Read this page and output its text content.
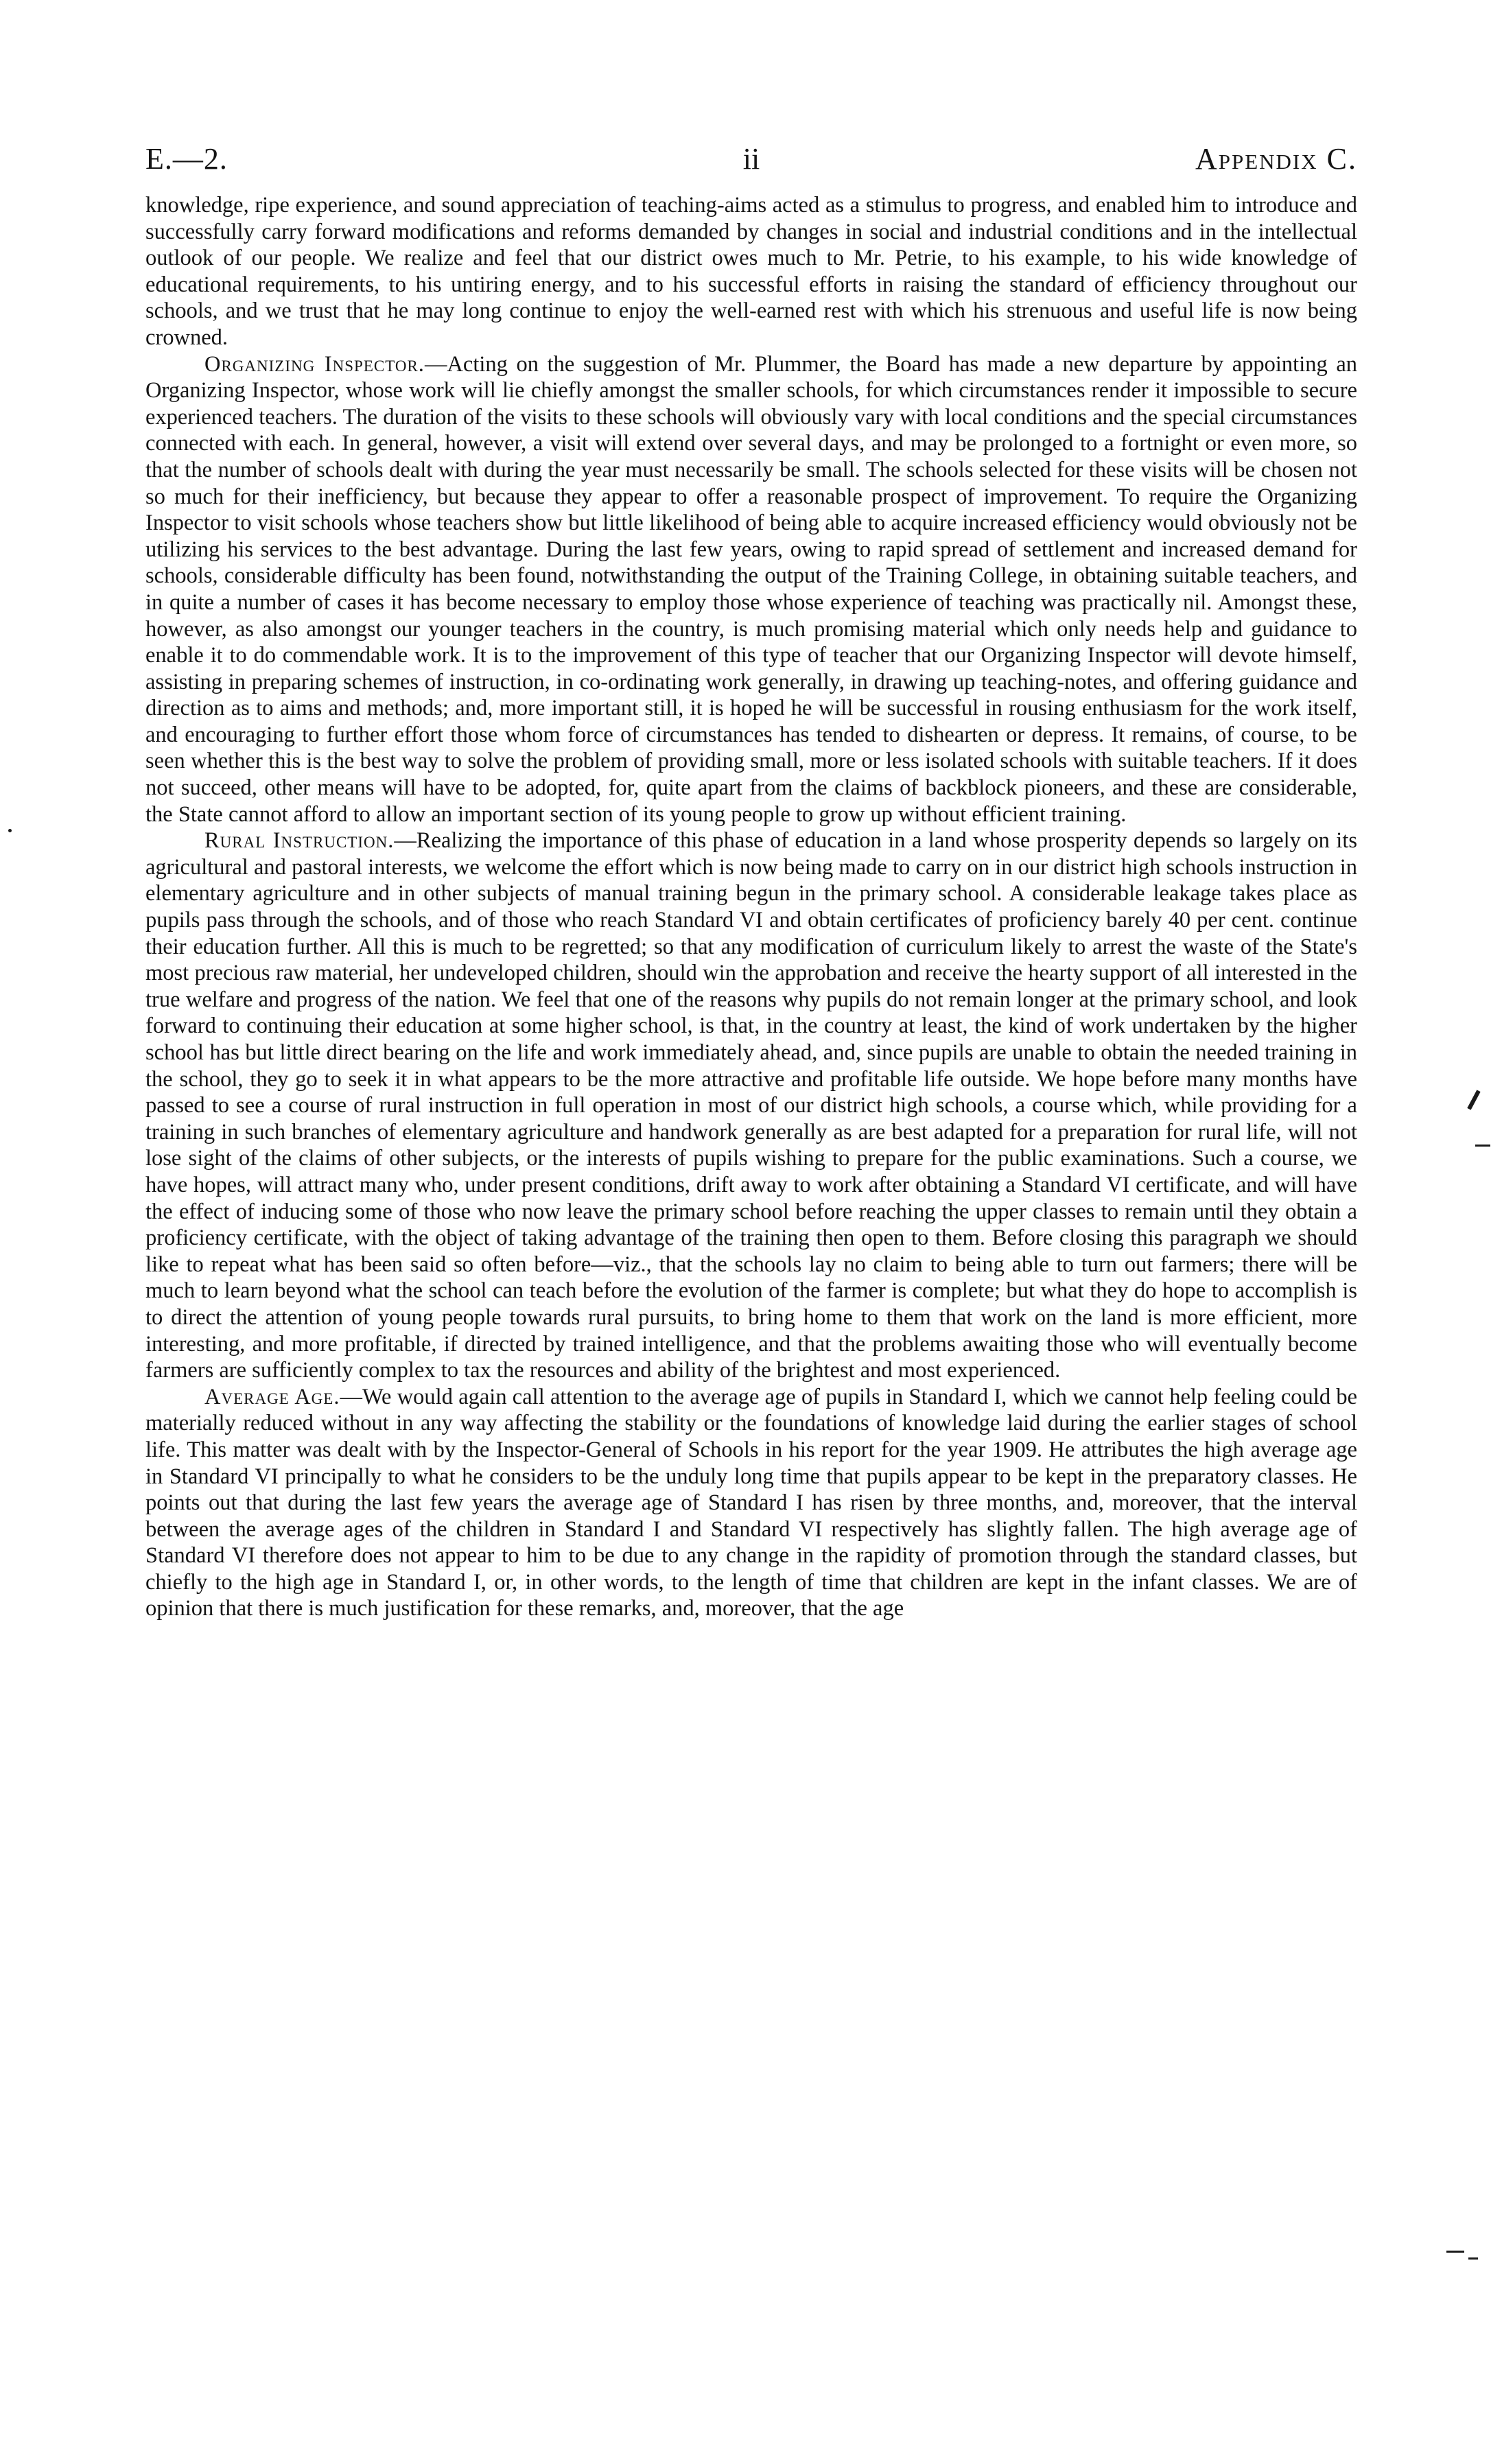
E.—2.	ii	Appendix C.

knowledge, ripe experience, and sound appreciation of teaching-aims acted as a stimulus to progress, and enabled him to introduce and successfully carry forward modifications and reforms demanded by changes in social and industrial conditions and in the intellectual outlook of our people. We realize and feel that our district owes much to Mr. Petrie, to his example, to his wide knowledge of educational requirements, to his untiring energy, and to his successful efforts in raising the standard of efficiency throughout our schools, and we trust that he may long continue to enjoy the well-earned rest with which his strenuous and useful life is now being crowned.

Organizing Inspector.—Acting on the suggestion of Mr. Plummer, the Board has made a new departure by appointing an Organizing Inspector, whose work will lie chiefly amongst the smaller schools, for which circumstances render it impossible to secure experienced teachers. The duration of the visits to these schools will obviously vary with local conditions and the special circumstances connected with each. In general, however, a visit will extend over several days, and may be prolonged to a fortnight or even more, so that the number of schools dealt with during the year must necessarily be small. The schools selected for these visits will be chosen not so much for their inefficiency, but because they appear to offer a reasonable prospect of improvement. To require the Organizing Inspector to visit schools whose teachers show but little likelihood of being able to acquire increased efficiency would obviously not be utilizing his services to the best advantage. During the last few years, owing to rapid spread of settlement and increased demand for schools, considerable difficulty has been found, notwithstanding the output of the Training College, in obtaining suitable teachers, and in quite a number of cases it has become necessary to employ those whose experience of teaching was practically nil. Amongst these, however, as also amongst our younger teachers in the country, is much promising material which only needs help and guidance to enable it to do commendable work. It is to the improvement of this type of teacher that our Organizing Inspector will devote himself, assisting in preparing schemes of instruction, in co-ordinating work generally, in drawing up teaching-notes, and offering guidance and direction as to aims and methods; and, more important still, it is hoped he will be successful in rousing enthusiasm for the work itself, and encouraging to further effort those whom force of circumstances has tended to dishearten or depress. It remains, of course, to be seen whether this is the best way to solve the problem of providing small, more or less isolated schools with suitable teachers. If it does not succeed, other means will have to be adopted, for, quite apart from the claims of backblock pioneers, and these are considerable, the State cannot afford to allow an important section of its young people to grow up without efficient training.

Rural Instruction.—Realizing the importance of this phase of education in a land whose prosperity depends so largely on its agricultural and pastoral interests, we welcome the effort which is now being made to carry on in our district high schools instruction in elementary agriculture and in other subjects of manual training begun in the primary school. A considerable leakage takes place as pupils pass through the schools, and of those who reach Standard VI and obtain certificates of proficiency barely 40 per cent. continue their education further. All this is much to be regretted; so that any modification of curriculum likely to arrest the waste of the State's most precious raw material, her undeveloped children, should win the approbation and receive the hearty support of all interested in the true welfare and progress of the nation. We feel that one of the reasons why pupils do not remain longer at the primary school, and look forward to continuing their education at some higher school, is that, in the country at least, the kind of work undertaken by the higher school has but little direct bearing on the life and work immediately ahead, and, since pupils are unable to obtain the needed training in the school, they go to seek it in what appears to be the more attractive and profitable life outside. We hope before many months have passed to see a course of rural instruction in full operation in most of our district high schools, a course which, while providing for a training in such branches of elementary agriculture and handwork generally as are best adapted for a preparation for rural life, will not lose sight of the claims of other subjects, or the interests of pupils wishing to prepare for the public examinations. Such a course, we have hopes, will attract many who, under present conditions, drift away to work after obtaining a Standard VI certificate, and will have the effect of inducing some of those who now leave the primary school before reaching the upper classes to remain until they obtain a proficiency certificate, with the object of taking advantage of the training then open to them. Before closing this paragraph we should like to repeat what has been said so often before—viz., that the schools lay no claim to being able to turn out farmers; there will be much to learn beyond what the school can teach before the evolution of the farmer is complete; but what they do hope to accomplish is to direct the attention of young people towards rural pursuits, to bring home to them that work on the land is more efficient, more interesting, and more profitable, if directed by trained intelligence, and that the problems awaiting those who will eventually become farmers are sufficiently complex to tax the resources and ability of the brightest and most experienced.

Average Age.—We would again call attention to the average age of pupils in Standard I, which we cannot help feeling could be materially reduced without in any way affecting the stability or the foundations of knowledge laid during the earlier stages of school life. This matter was dealt with by the Inspector-General of Schools in his report for the year 1909. He attributes the high average age in Standard VI principally to what he considers to be the unduly long time that pupils appear to be kept in the preparatory classes. He points out that during the last few years the average age of Standard I has risen by three months, and, moreover, that the interval between the average ages of the children in Standard I and Standard VI respectively has slightly fallen. The high average age of Standard VI therefore does not appear to him to be due to any change in the rapidity of promotion through the standard classes, but chiefly to the high age in Standard I, or, in other words, to the length of time that children are kept in the infant classes. We are of opinion that there is much justification for these remarks, and, moreover, that the age
